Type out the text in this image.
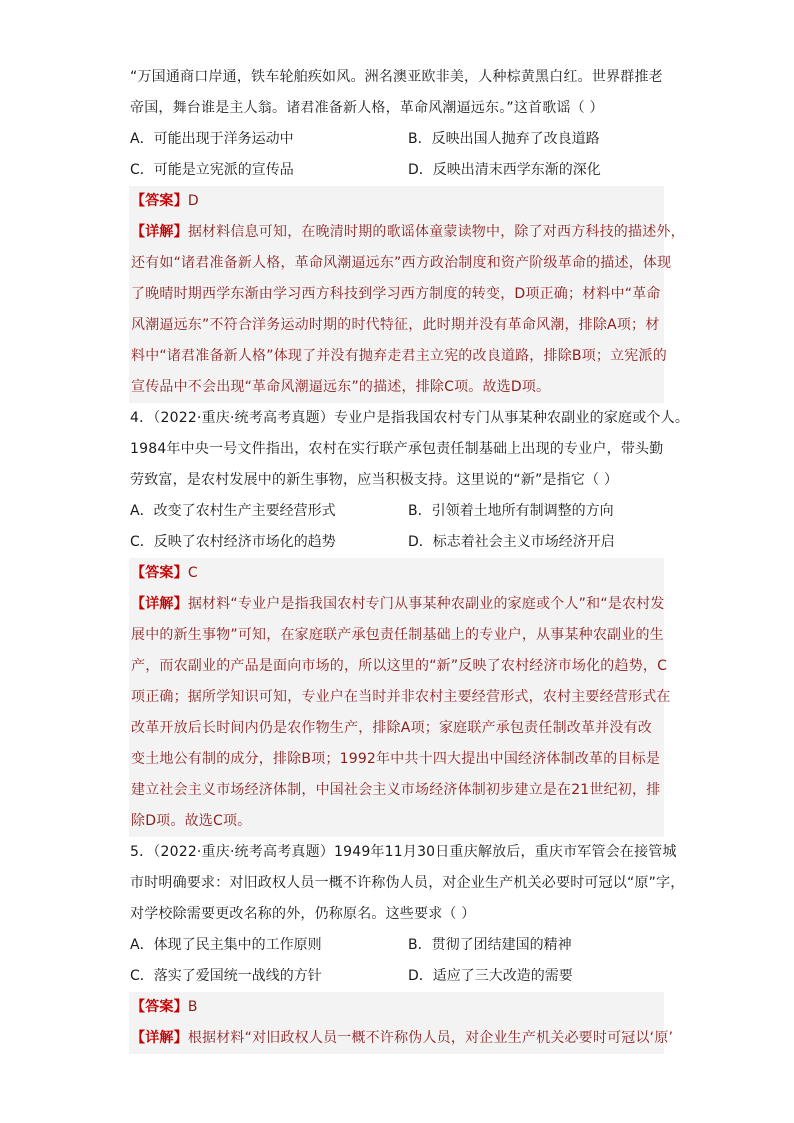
“万国通商口岸通，铁车轮舶疾如风。洲名澳亚欧非美，人种棕黄黑白红。世界群推老
帝国，舞台谁是主人翁。诸君准备新人格，革命风潮逼远东。”这首歌谣（ ）
A．可能出现于洋务运动中	B．反映出国人抛弃了改良道路
C．可能是立宪派的宣传品	D．反映出清末西学东渐的深化
【答案】D
【详解】据材料信息可知，在晚清时期的歌谣体童蒙读物中，除了对西方科技的描述外，
还有如“诸君准备新人格，革命风潮逼远东”西方政治制度和资产阶级革命的描述，体现
了晚晴时期西学东渐由学习西方科技到学习西方制度的转变，D项正确；材料中“革命
风潮逼远东”不符合洋务运动时期的时代特征，此时期并没有革命风潮，排除A项；材
料中“诸君准备新人格”体现了并没有抛弃走君主立宪的改良道路，排除B项；立宪派的
宣传品中不会出现“革命风潮逼远东”的描述，排除C项。故选D项。
4．（2022·重庆·统考高考真题）专业户是指我国农村专门从事某种农副业的家庭或个人。
1984年中央一号文件指出，农村在实行联产承包责任制基础上出现的专业户，带头勤
劳致富，是农村发展中的新生事物，应当积极支持。这里说的“新”是指它（ ）
A．改变了农村生产主要经营形式	B．引领着土地所有制调整的方向
C．反映了农村经济市场化的趋势	D．标志着社会主义市场经济开启
【答案】C
【详解】据材料“专业户是指我国农村专门从事某种农副业的家庭或个人”和“是农村发
展中的新生事物”可知，在家庭联产承包责任制基础上的专业户，从事某种农副业的生
产，而农副业的产品是面向市场的，所以这里的“新”反映了农村经济市场化的趋势，C
项正确；据所学知识可知，专业户在当时并非农村主要经营形式，农村主要经营形式在
改革开放后长时间内仍是农作物生产，排除A项；家庭联产承包责任制改革并没有改
变土地公有制的成分，排除B项；1992年中共十四大提出中国经济体制改革的目标是
建立社会主义市场经济体制，中国社会主义市场经济体制初步建立是在21世纪初，排
除D项。故选C项。
5．（2022·重庆·统考高考真题）1949年11月30日重庆解放后，重庆市军管会在接管城
市时明确要求：对旧政权人员一概不许称伪人员，对企业生产机关必要时可冠以“原”字，
对学校除需要更改名称的外，仍称原名。这些要求（ ）
A．体现了民主集中的工作原则	B．贯彻了团结建国的精神
C．落实了爱国统一战线的方针	D．适应了三大改造的需要
【答案】B
【详解】根据材料“对旧政权人员一概不许称伪人员，对企业生产机关必要时可冠以‘原’
